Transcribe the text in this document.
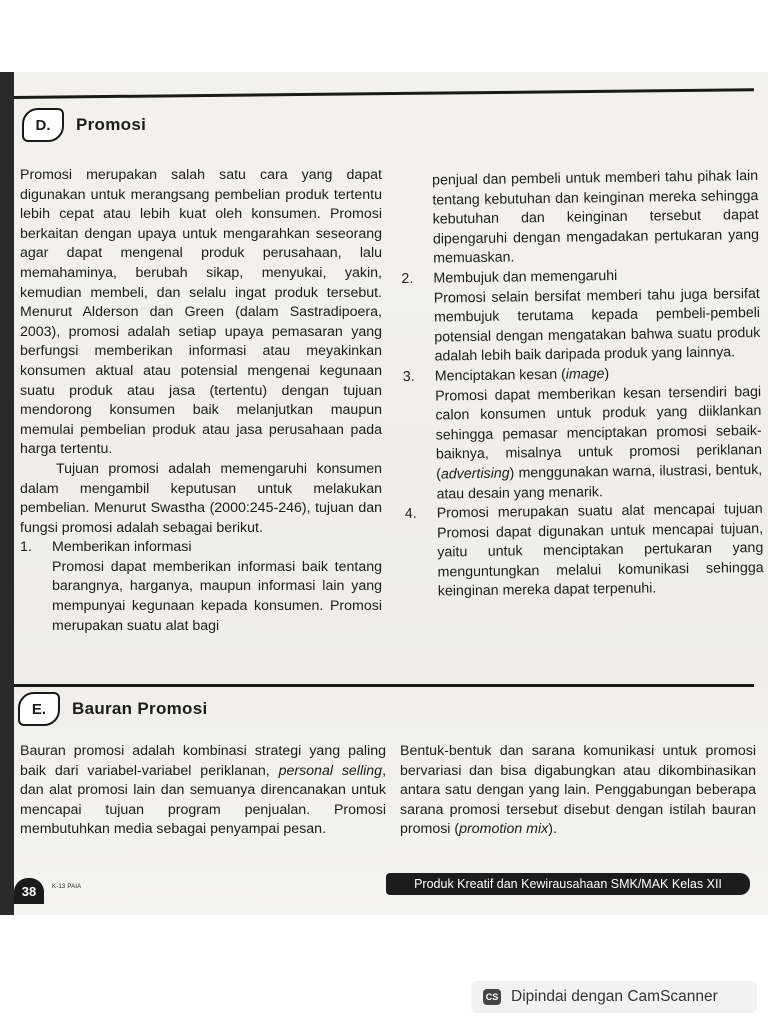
D.	Promosi

Promosi merupakan salah satu cara yang dapat digunakan untuk merangsang pembelian produk tertentu lebih cepat atau lebih kuat oleh konsumen. Promosi berkaitan dengan upaya untuk mengarahkan seseorang agar dapat mengenal produk perusahaan, lalu memahaminya, berubah sikap, menyukai, yakin, kemudian membeli, dan selalu ingat produk tersebut. Menurut Alderson dan Green (dalam Sastradipoera, 2003), promosi adalah setiap upaya pemasaran yang berfungsi memberikan informasi atau meyakinkan konsumen aktual atau potensial mengenai kegunaan suatu produk atau jasa (tertentu) dengan tujuan mendorong konsumen baik melanjutkan maupun memulai pembelian produk atau jasa perusahaan pada harga tertentu.

Tujuan promosi adalah memengaruhi konsumen dalam mengambil keputusan untuk melakukan pembelian. Menurut Swastha (2000:245-246), tujuan dan fungsi promosi adalah sebagai berikut.

1.	Memberikan informasi

Promosi dapat memberikan informasi baik tentang barangnya, harganya, maupun informasi lain yang mempunyai kegunaan kepada konsumen. Promosi merupakan suatu alat bagi

penjual dan pembeli untuk memberi tahu pihak lain tentang kebutuhan dan keinginan mereka sehingga kebutuhan dan keinginan tersebut dapat dipengaruhi dengan mengadakan pertukaran yang memuaskan.

2.	Membujuk dan memengaruhi

Promosi selain bersifat memberi tahu juga bersifat membujuk terutama kepada pembeli-pembeli potensial dengan mengatakan bahwa suatu produk adalah lebih baik daripada produk yang lainnya.

3.	Menciptakan kesan (image)

Promosi dapat memberikan kesan tersendiri bagi calon konsumen untuk produk yang diiklankan sehingga pemasar menciptakan promosi sebaik-baiknya, misalnya untuk promosi periklanan (advertising) menggunakan warna, ilustrasi, bentuk, atau desain yang menarik.

4.	Promosi merupakan suatu alat mencapai tujuan Promosi dapat digunakan untuk mencapai tujuan, yaitu untuk menciptakan pertukaran yang menguntungkan melalui komunikasi sehingga keinginan mereka dapat terpenuhi.
E.	Bauran Promosi

Bauran promosi adalah kombinasi strategi yang paling baik dari variabel-variabel periklanan, personal selling, dan alat promosi lain dan semuanya direncanakan untuk mencapai tujuan program penjualan. Promosi membutuhkan media sebagai penyampai pesan.

Bentuk-bentuk dan sarana komunikasi untuk promosi bervariasi dan bisa digabungkan atau dikombinasikan antara satu dengan yang lain. Penggabungan beberapa sarana promosi tersebut disebut dengan istilah bauran promosi (promotion mix).

38	K-13 PAIA	Produk Kreatif dan Kewirausahaan SMK/MAK Kelas XII
CS Dipindai dengan CamScanner
